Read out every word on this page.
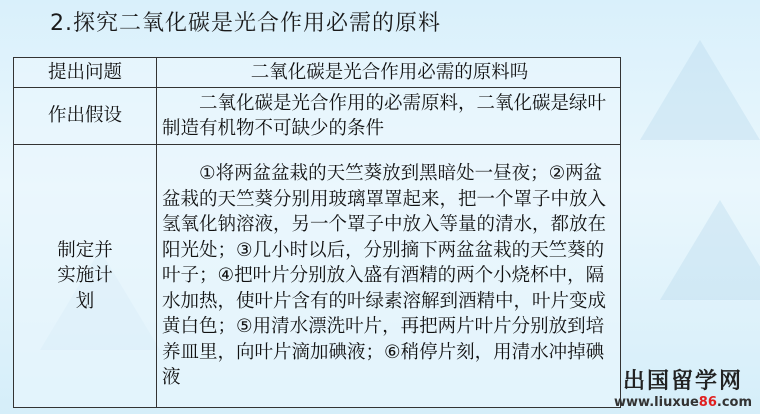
2.探究二氧化碳是光合作用必需的原料
提出问题	二氧化碳是光合作用必需的原料吗
作出假设	二氧化碳是光合作用的必需原料，二氧化碳是绿叶制造有机物不可缺少的条件
制定并实施计划	①将两盆盆栽的天竺葵放到黑暗处一昼夜；②两盆盆栽的天竺葵分别用玻璃罩罩起来，把一个罩子中放入氢氧化钠溶液，另一个罩子中放入等量的清水，都放在阳光处；③几小时以后，分别摘下两盆盆栽的天竺葵的叶子；④把叶片分别放入盛有酒精的两个小烧杯中，隔水加热，使叶片含有的叶绿素溶解到酒精中，叶片变成黄白色；⑤用清水漂洗叶片，再把两片叶片分别放到培养皿里，向叶片滴加碘液；⑥稍停片刻，用清水冲掉碘液	出国留学网
www.liuxue86.com
